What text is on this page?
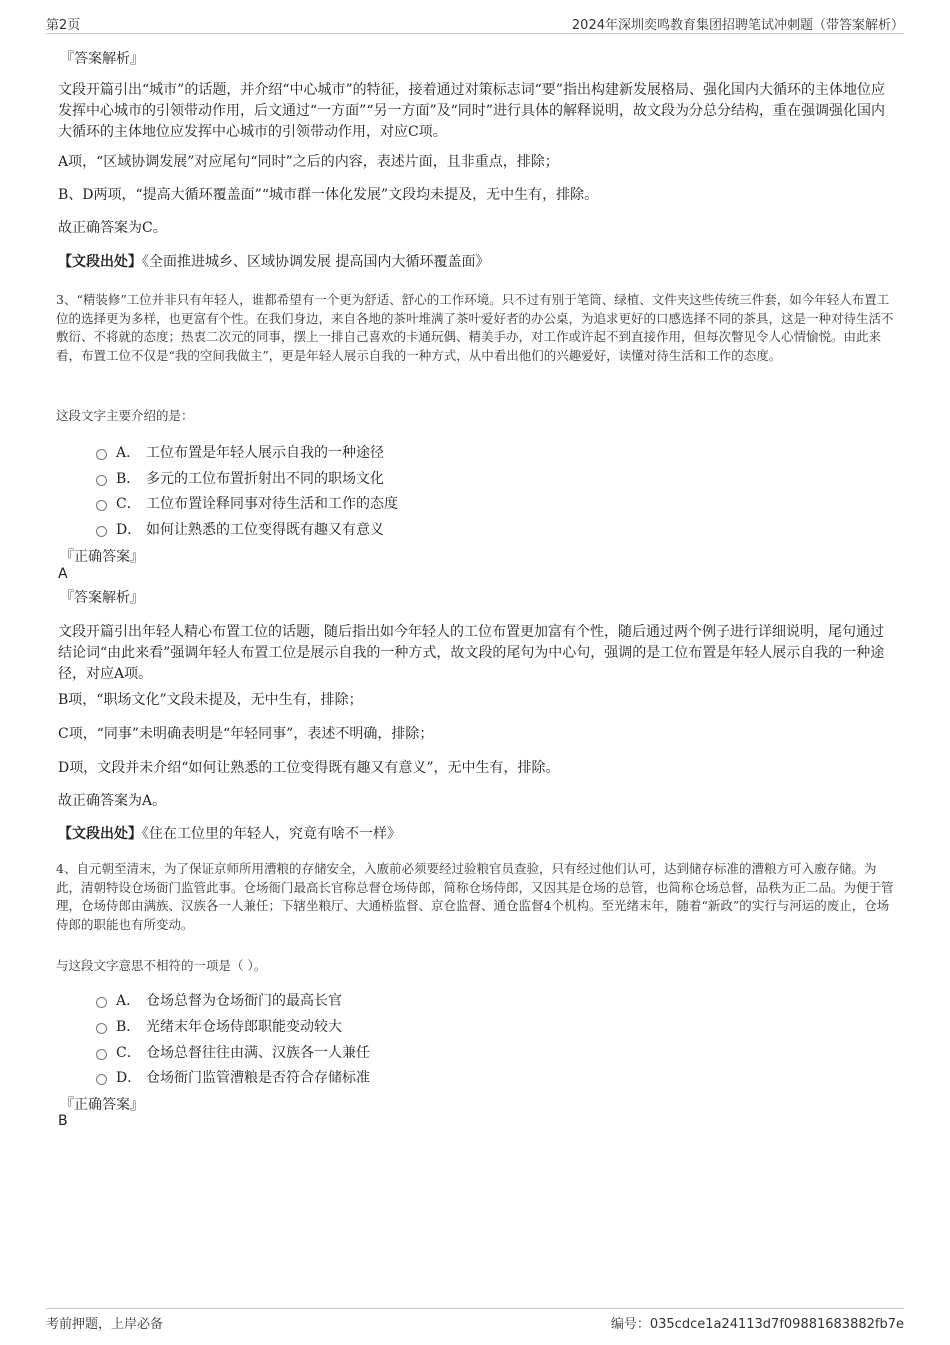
第2页	2024年深圳奕鸣教育集团招聘笔试冲刺题（带答案解析）
『答案解析』
文段开篇引出“城市”的话题，并介绍“中心城市”的特征，接着通过对策标志词“要”指出构建新发展格局、强化国内大循环的主体地位应发挥中心城市的引领带动作用，后文通过“一方面”“另一方面”及“同时”进行具体的解释说明，故文段为分总分结构，重在强调强化国内大循环的主体地位应发挥中心城市的引领带动作用，对应C项。
A项，“区域协调发展”对应尾句“同时”之后的内容，表述片面，且非重点，排除；
B、D两项，“提高大循环覆盖面”“城市群一体化发展”文段均未提及，无中生有，排除。
故正确答案为C。
【文段出处】《全面推进城乡、区域协调发展 提高国内大循环覆盖面》
3、“精装修”工位并非只有年轻人，谁都希望有一个更为舒适、舒心的工作环境。只不过有别于笔筒、绿植、文件夹这些传统三件套，如今年轻人布置工位的选择更为多样，也更富有个性。在我们身边，来自各地的茶叶堆满了茶叶爱好者的办公桌，为追求更好的口感选择不同的茶具，这是一种对待生活不敷衍、不将就的态度；热衷二次元的同事，摆上一排自己喜欢的卡通玩偶、精美手办，对工作或许起不到直接作用，但每次瞥见令人心情愉悦。由此来看，布置工位不仅是“我的空间我做主”，更是年轻人展示自我的一种方式，从中看出他们的兴趣爱好，读懂对待生活和工作的态度。
这段文字主要介绍的是：
A． 工位布置是年轻人展示自我的一种途径
B． 多元的工位布置折射出不同的职场文化
C． 工位布置诠释同事对待生活和工作的态度
D． 如何让熟悉的工位变得既有趣又有意义
『正确答案』
A
『答案解析』
文段开篇引出年轻人精心布置工位的话题，随后指出如今年轻人的工位布置更加富有个性，随后通过两个例子进行详细说明，尾句通过结论词“由此来看”强调年轻人布置工位是展示自我的一种方式，故文段的尾句为中心句，强调的是工位布置是年轻人展示自我的一种途径，对应A项。
B项，“职场文化”文段未提及，无中生有，排除；
C项，“同事”未明确表明是“年轻同事”，表述不明确，排除；
D项，文段并未介绍“如何让熟悉的工位变得既有趣又有意义”，无中生有，排除。
故正确答案为A。
【文段出处】《住在工位里的年轻人，究竟有啥不一样》
4、自元朝至清末，为了保证京师所用漕粮的存储安全，入廒前必须要经过验粮官员查验，只有经过他们认可，达到储存标准的漕粮方可入廒存储。为此，清朝特设仓场衙门监管此事。仓场衙门最高长官称总督仓场侍郎，简称仓场侍郎，又因其是仓场的总管，也简称仓场总督，品秩为正二品。为便于管理，仓场侍郎由满族、汉族各一人兼任；下辖坐粮厅、大通桥监督、京仓监督、通仓监督4个机构。至光绪末年，随着“新政”的实行与河运的废止，仓场侍郎的职能也有所变动。
与这段文字意思不相符的一项是（ ）。
A． 仓场总督为仓场衙门的最高长官
B． 光绪末年仓场侍郎职能变动较大
C． 仓场总督往往由满、汉族各一人兼任
D． 仓场衙门监管漕粮是否符合存储标准
『正确答案』
B
考前押题，上岸必备	编号：035cdce1a24113d7f09881683882fb7e
